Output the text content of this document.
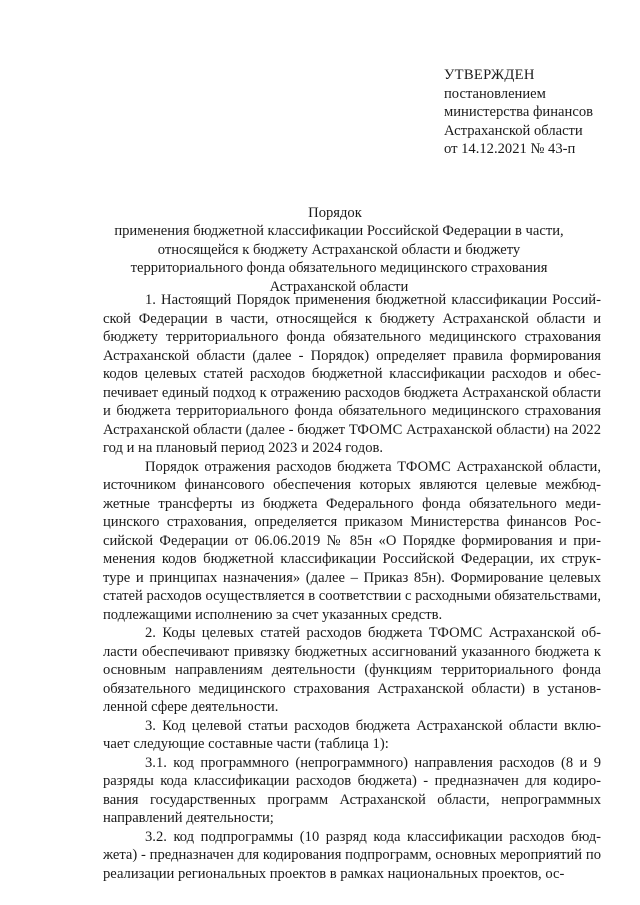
УТВЕРЖДЕН
постановлением
министерства финансов
Астраханской области
от 14.12.2021 № 43-п
Порядок
применения бюджетной классификации Российской Федерации в части, относящейся к бюджету Астраханской области и бюджету территориального фонда обязательного медицинского страхования Астраханской области

1. Настоящий Порядок применения бюджетной классификации Российской Федерации в части, относящейся к бюджету Астраханской области и бюджету территориального фонда обязательного медицинского страхования Астраханской области (далее - Порядок) определяет правила формирования кодов целевых статей расходов бюджетной классификации расходов и обеспечивает единый подход к отражению расходов бюджета Астраханской области и бюджета территориального фонда обязательного медицинского страхования Астраханской области (далее - бюджет ТФОМС Астраханской области) на 2022 год и на плановый период 2023 и 2024 годов.

Порядок отражения расходов бюджета ТФОМС Астраханской области, источником финансового обеспечения которых являются целевые межбюджетные трансферты из бюджета Федерального фонда обязательного медицинского страхования, определяется приказом Министерства финансов Российской Федерации от 06.06.2019 № 85н «О Порядке формирования и применения кодов бюджетной классификации Российской Федерации, их структуре и принципах назначения» (далее – Приказ 85н). Формирование целевых статей расходов осуществляется в соответствии с расходными обязательствами, подлежащими исполнению за счет указанных средств.

2. Коды целевых статей расходов бюджета ТФОМС Астраханской области обеспечивают привязку бюджетных ассигнований указанного бюджета к основным направлениям деятельности (функциям территориального фонда обязательного медицинского страхования Астраханской области) в установленной сфере деятельности.

3. Код целевой статьи расходов бюджета Астраханской области включает следующие составные части (таблица 1):

3.1. код программного (непрограммного) направления расходов (8 и 9 разряды кода классификации расходов бюджета) - предназначен для кодирования государственных программ Астраханской области, непрограммных направлений деятельности;

3.2. код подпрограммы (10 разряд кода классификации расходов бюджета) - предназначен для кодирования подпрограмм, основных мероприятий по реализации региональных проектов в рамках национальных проектов, ос-
